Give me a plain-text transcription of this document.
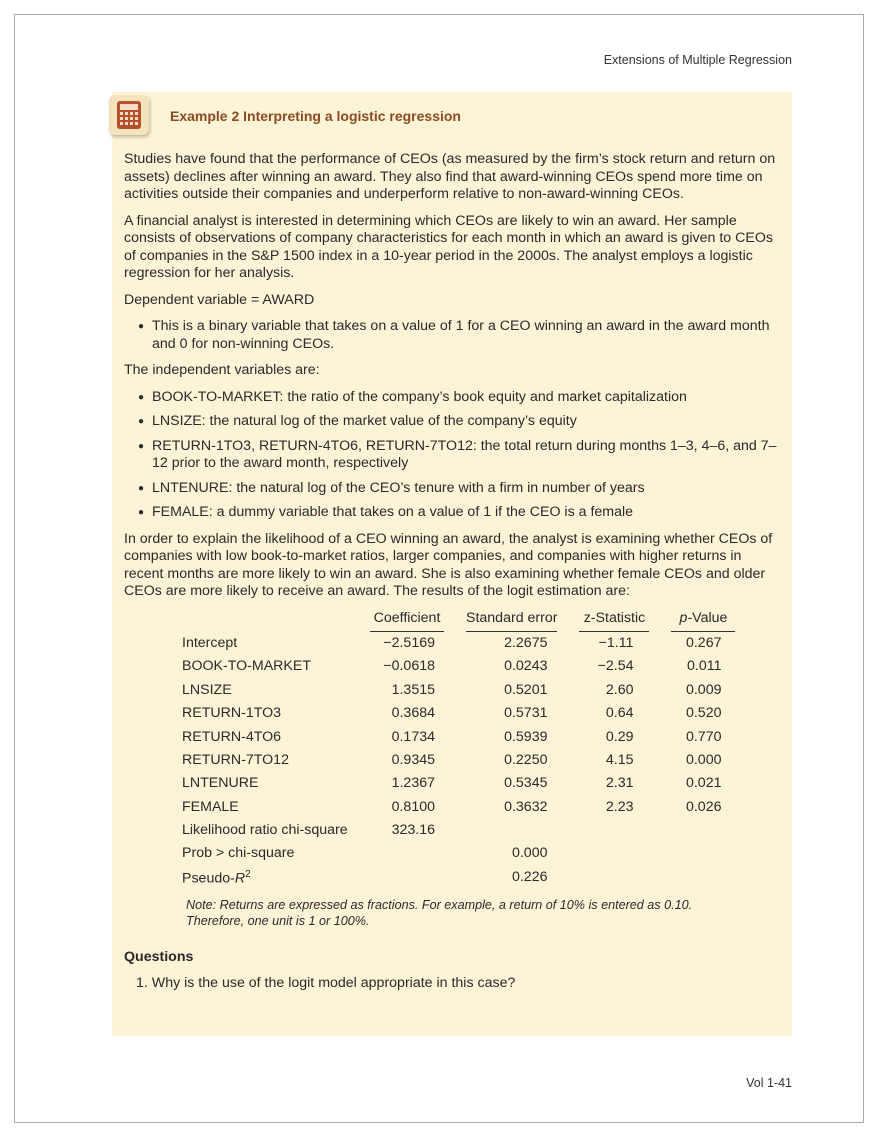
Extensions of Multiple Regression
Example 2 Interpreting a logistic regression

Studies have found that the performance of CEOs (as measured by the firm’s stock return and return on assets) declines after winning an award. They also find that award-winning CEOs spend more time on activities outside their companies and underperform relative to non-award-winning CEOs.

A financial analyst is interested in determining which CEOs are likely to win an award. Her sample consists of observations of company characteristics for each month in which an award is given to CEOs of companies in the S&P 1500 index in a 10-year period in the 2000s. The analyst employs a logistic regression for her analysis.

Dependent variable = AWARD

● This is a binary variable that takes on a value of 1 for a CEO winning an award in the award month and 0 for non-winning CEOs.

The independent variables are:

● BOOK-TO-MARKET: the ratio of the company’s book equity and market capitalization
● LNSIZE: the natural log of the market value of the company’s equity
● RETURN-1TO3, RETURN-4TO6, RETURN-7TO12: the total return during months 1–3, 4–6, and 7–12 prior to the award month, respectively
● LNTENURE: the natural log of the CEO’s tenure with a firm in number of years
● FEMALE: a dummy variable that takes on a value of 1 if the CEO is a female

In order to explain the likelihood of a CEO winning an award, the analyst is examining whether CEOs of companies with low book-to-market ratios, larger companies, and companies with higher returns in recent months are more likely to win an award. She is also examining whether female CEOs and older CEOs are more likely to receive an award. The results of the logit estimation are:

	Coefficient		Standard error		z-Statistic		p-Value
Intercept	−2.5169		2.2675		−1.11		0.267
BOOK-TO-MARKET	−0.0618		0.0243		−2.54		0.011
LNSIZE	1.3515		0.5201		2.60		0.009
RETURN-1TO3	0.3684		0.5731		0.64		0.520
RETURN-4TO6	0.1734		0.5939		0.29		0.770
RETURN-7TO12	0.9345		0.2250		4.15		0.000
LNTENURE	1.2367		0.5345		2.31		0.021
FEMALE	0.8100		0.3632		2.23		0.026
Likelihood ratio chi-square	323.16						
Prob > chi-square			0.000				
Pseudo-$R^2$			0.226				
Note: Returns are expressed as fractions. For example, a return of 10% is entered as 0.10. Therefore, one unit is 1 or 100%.
Questions
1. Why is the use of the logit model appropriate in this case?
Vol 1-41
